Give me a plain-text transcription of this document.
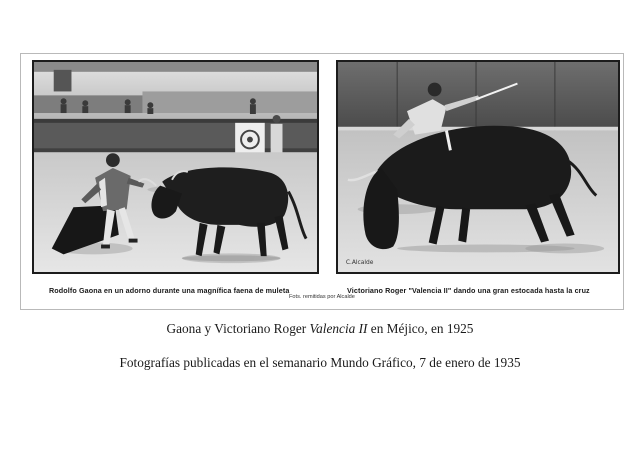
C.Alcalde
Rodolfo Gaona en un adorno durante una magnífica faena de muleta	Victoriano Roger "Valencia II" dando una gran estocada hasta la cruz
Fots. remitidas por Alcalde
Gaona y Victoriano Roger Valencia II en Méjico, en 1925
Fotografías publicadas en el semanario Mundo Gráfico, 7 de enero de 1935
